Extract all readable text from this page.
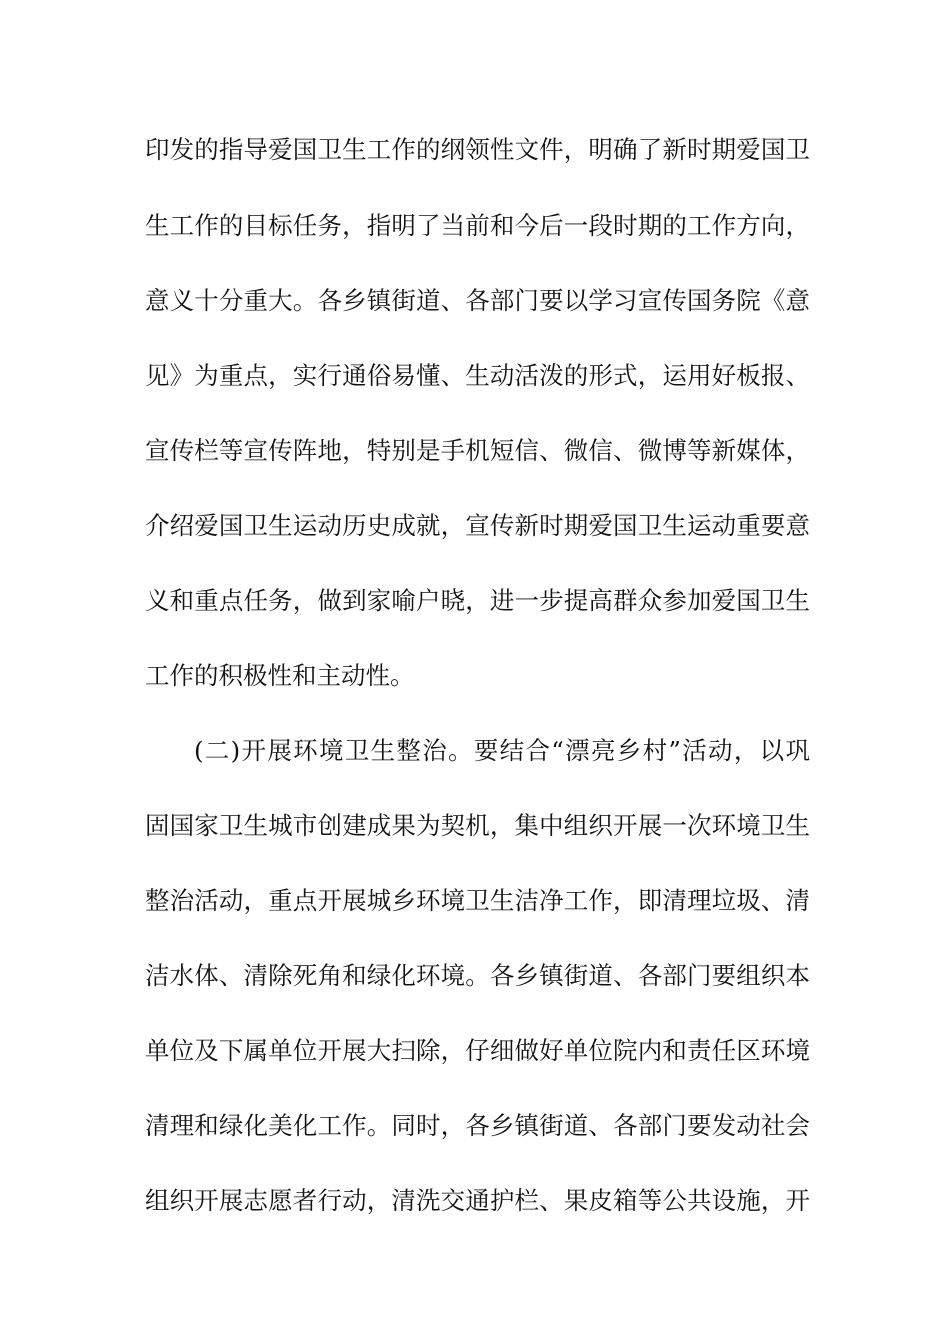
印发的指导爱国卫生工作的纲领性文件，明确了新时期爱国卫
生工作的目标任务，指明了当前和今后一段时期的工作方向，
意义十分重大。各乡镇街道、各部门要以学习宣传国务院《意
见》为重点，实行通俗易懂、生动活泼的形式，运用好板报、
宣传栏等宣传阵地，特别是手机短信、微信、微博等新媒体，
介绍爱国卫生运动历史成就，宣传新时期爱国卫生运动重要意
义和重点任务，做到家喻户晓，进一步提高群众参加爱国卫生
工作的积极性和主动性。
(二)开展环境卫生整治。要结合“漂亮乡村”活动，以巩
固国家卫生城市创建成果为契机，集中组织开展一次环境卫生
整治活动，重点开展城乡环境卫生洁净工作，即清理垃圾、清
洁水体、清除死角和绿化环境。各乡镇街道、各部门要组织本
单位及下属单位开展大扫除，仔细做好单位院内和责任区环境
清理和绿化美化工作。同时，各乡镇街道、各部门要发动社会
组织开展志愿者行动，清洗交通护栏、果皮箱等公共设施，开
